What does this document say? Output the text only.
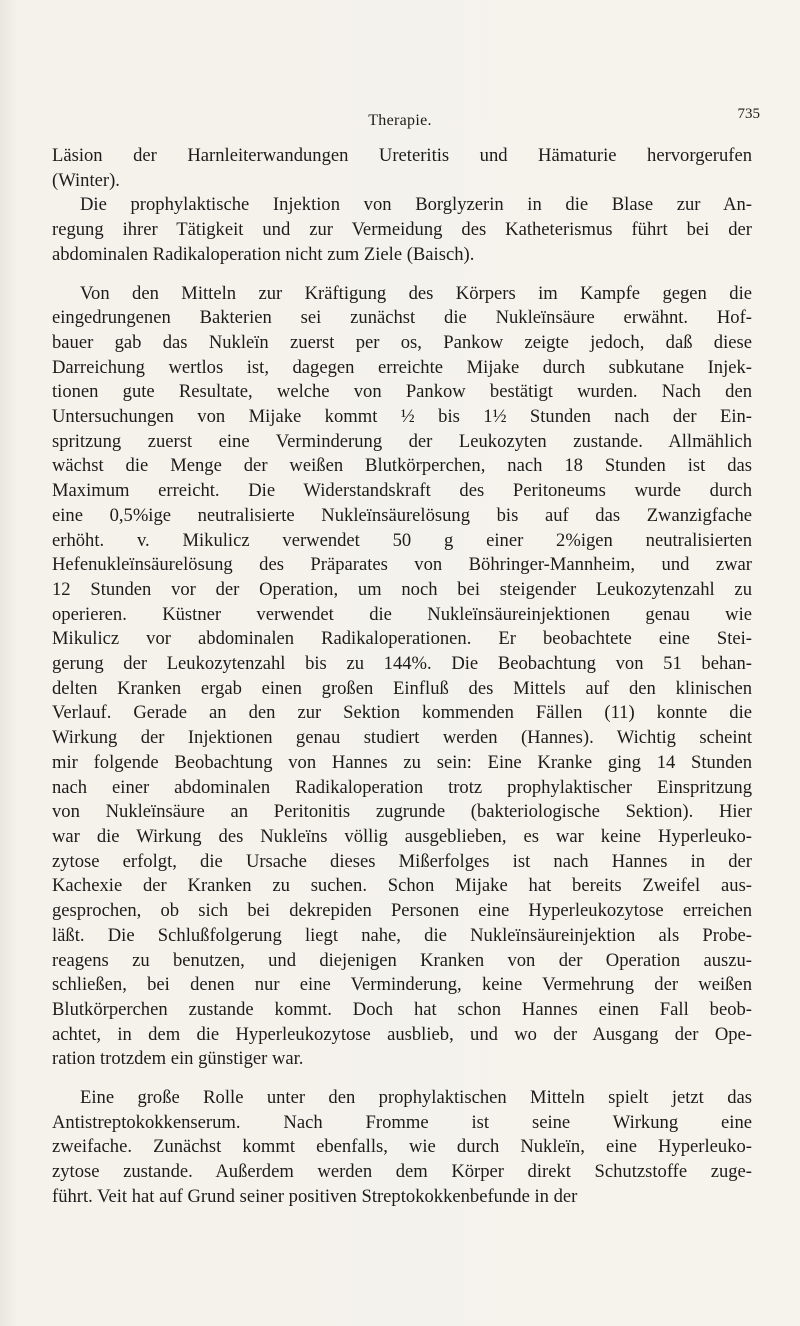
Therapie.	735
Läsion der Harnleiterwandungen Ureteritis und Hämaturie hervorgerufen
(Winter).
Die prophylaktische Injektion von Borglyzerin in die Blase zur An-
regung ihrer Tätigkeit und zur Vermeidung des Katheterismus führt bei der
abdominalen Radikaloperation nicht zum Ziele (Baisch).
Von den Mitteln zur Kräftigung des Körpers im Kampfe gegen die
eingedrungenen Bakterien sei zunächst die Nukleïnsäure erwähnt. Hof-
bauer gab das Nukleïn zuerst per os, Pankow zeigte jedoch, daß diese
Darreichung wertlos ist, dagegen erreichte Mijake durch subkutane Injek-
tionen gute Resultate, welche von Pankow bestätigt wurden. Nach den
Untersuchungen von Mijake kommt ½ bis 1½ Stunden nach der Ein-
spritzung zuerst eine Verminderung der Leukozyten zustande. Allmählich
wächst die Menge der weißen Blutkörperchen, nach 18 Stunden ist das
Maximum erreicht. Die Widerstandskraft des Peritoneums wurde durch
eine 0,5%ige neutralisierte Nukleïnsäurelösung bis auf das Zwanzigfache
erhöht. v. Mikulicz verwendet 50 g einer 2%igen neutralisierten
Hefenukleïnsäurelösung des Präparates von Böhringer-Mannheim, und zwar
12 Stunden vor der Operation, um noch bei steigender Leukozytenzahl zu
operieren. Küstner verwendet die Nukleïnsäureinjektionen genau wie
Mikulicz vor abdominalen Radikaloperationen. Er beobachtete eine Stei-
gerung der Leukozytenzahl bis zu 144%. Die Beobachtung von 51 behan-
delten Kranken ergab einen großen Einfluß des Mittels auf den klinischen
Verlauf. Gerade an den zur Sektion kommenden Fällen (11) konnte die
Wirkung der Injektionen genau studiert werden (Hannes). Wichtig scheint
mir folgende Beobachtung von Hannes zu sein: Eine Kranke ging 14 Stunden
nach einer abdominalen Radikaloperation trotz prophylaktischer Einspritzung
von Nukleïnsäure an Peritonitis zugrunde (bakteriologische Sektion). Hier
war die Wirkung des Nukleïns völlig ausgeblieben, es war keine Hyperleuko-
zytose erfolgt, die Ursache dieses Mißerfolges ist nach Hannes in der
Kachexie der Kranken zu suchen. Schon Mijake hat bereits Zweifel aus-
gesprochen, ob sich bei dekrepiden Personen eine Hyperleukozytose erreichen
läßt. Die Schlußfolgerung liegt nahe, die Nukleïnsäureinjektion als Probe-
reagens zu benutzen, und diejenigen Kranken von der Operation auszu-
schließen, bei denen nur eine Verminderung, keine Vermehrung der weißen
Blutkörperchen zustande kommt. Doch hat schon Hannes einen Fall beob-
achtet, in dem die Hyperleukozytose ausblieb, und wo der Ausgang der Ope-
ration trotzdem ein günstiger war.
Eine große Rolle unter den prophylaktischen Mitteln spielt jetzt das
Antistreptokokkenserum. Nach Fromme ist seine Wirkung eine
zweifache. Zunächst kommt ebenfalls, wie durch Nukleïn, eine Hyperleuko-
zytose zustande. Außerdem werden dem Körper direkt Schutzstoffe zuge-
führt. Veit hat auf Grund seiner positiven Streptokokkenbefunde in der
